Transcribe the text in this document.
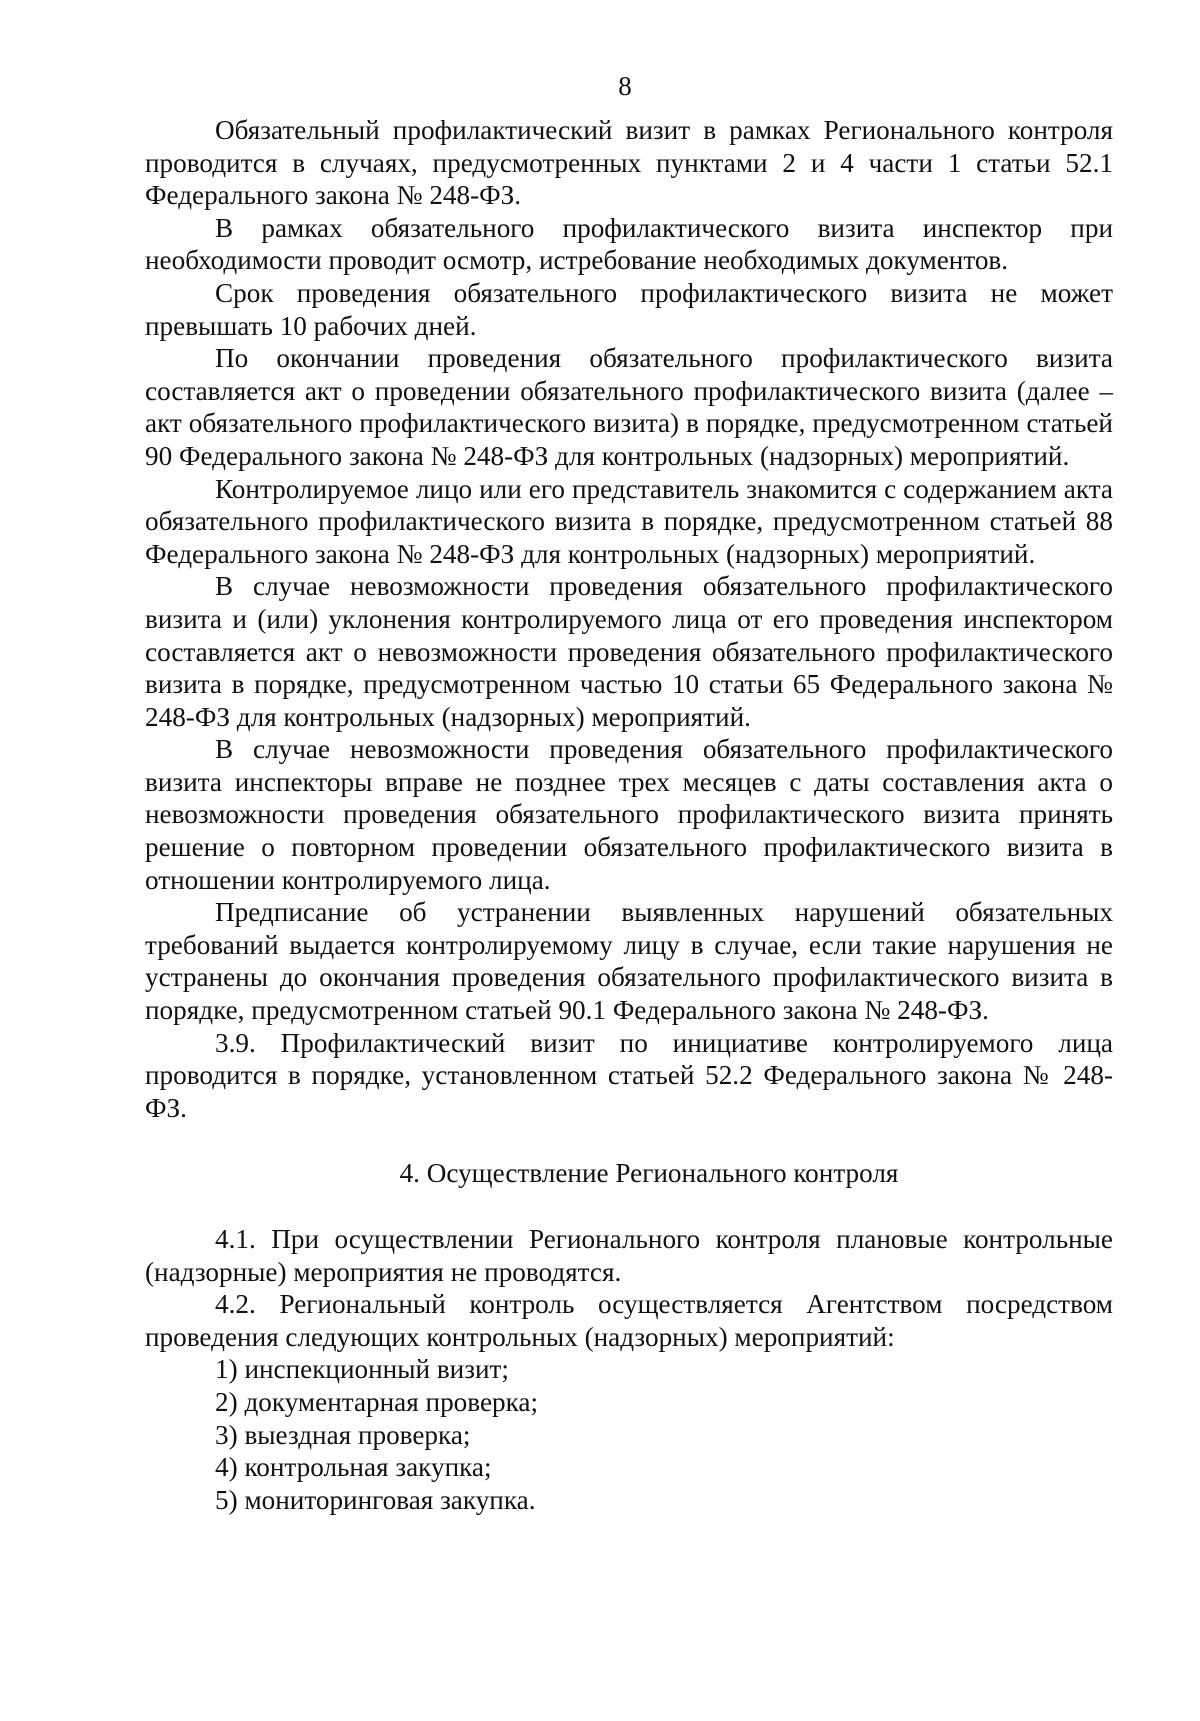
8

Обязательный профилактический визит в рамках Регионального контроля проводится в случаях, предусмотренных пунктами 2 и 4 части 1 статьи 52.1 Федерального закона № 248-ФЗ.

В рамках обязательного профилактического визита инспектор при необходимости проводит осмотр, истребование необходимых документов.

Срок проведения обязательного профилактического визита не может превышать 10 рабочих дней.

По окончании проведения обязательного профилактического визита составляется акт о проведении обязательного профилактического визита (далее – акт обязательного профилактического визита) в порядке, предусмотренном статьей 90 Федерального закона № 248-ФЗ для контрольных (надзорных) мероприятий.

Контролируемое лицо или его представитель знакомится с содержанием акта обязательного профилактического визита в порядке, предусмотренном статьей 88 Федерального закона № 248-ФЗ для контрольных (надзорных) мероприятий.

В случае невозможности проведения обязательного профилактического визита и (или) уклонения контролируемого лица от его проведения инспектором составляется акт о невозможности проведения обязательного профилактического визита в порядке, предусмотренном частью 10 статьи 65 Федерального закона № 248-ФЗ для контрольных (надзорных) мероприятий.

В случае невозможности проведения обязательного профилактического визита инспекторы вправе не позднее трех месяцев с даты составления акта о невозможности проведения обязательного профилактического визита принять решение о повторном проведении обязательного профилактического визита в отношении контролируемого лица.

Предписание об устранении выявленных нарушений обязательных требований выдается контролируемому лицу в случае, если такие нарушения не устранены до окончания проведения обязательного профилактического визита в порядке, предусмотренном статьей 90.1 Федерального закона № 248-ФЗ.

3.9. Профилактический визит по инициативе контролируемого лица проводится в порядке, установленном статьей 52.2 Федерального закона № 248-ФЗ.

4. Осуществление Регионального контроля

4.1. При осуществлении Регионального контроля плановые контрольные (надзорные) мероприятия не проводятся.

4.2. Региональный контроль осуществляется Агентством посредством проведения следующих контрольных (надзорных) мероприятий:

1) инспекционный визит;

2) документарная проверка;

3) выездная проверка;

4) контрольная закупка;

5) мониторинговая закупка.
